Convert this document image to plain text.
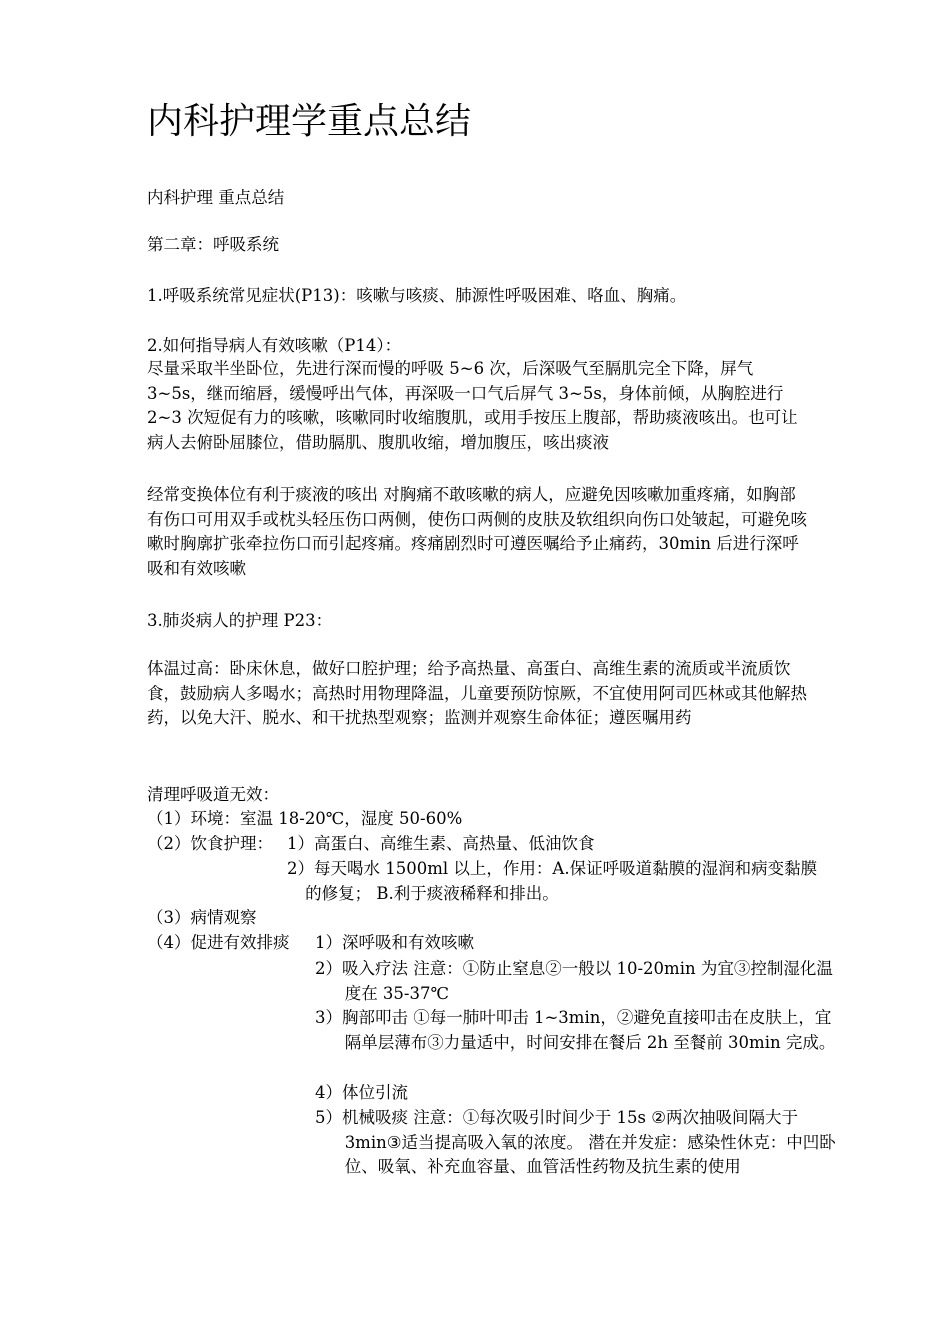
内科护理学重点总结
内科护理 重点总结
第二章：呼吸系统
1.呼吸系统常见症状(P13)：咳嗽与咳痰、肺源性呼吸困难、咯血、胸痛。
2.如何指导病人有效咳嗽（P14）：

尽量采取半坐卧位，先进行深而慢的呼吸 5~6 次，后深吸气至膈肌完全下降，屏气 3~5s，继而缩唇，缓慢呼出气体，再深吸一口气后屏气 3~5s，身体前倾，从胸腔进行 2~3 次短促有力的咳嗽，咳嗽同时收缩腹肌，或用手按压上腹部，帮助痰液咳出。也可让病人去俯卧屈膝位，借助膈肌、腹肌收缩，增加腹压，咳出痰液

经常变换体位有利于痰液的咳出 对胸痛不敢咳嗽的病人，应避免因咳嗽加重疼痛，如胸部有伤口可用双手或枕头轻压伤口两侧，使伤口两侧的皮肤及软组织向伤口处皱起，可避免咳嗽时胸廓扩张牵拉伤口而引起疼痛。疼痛剧烈时可遵医嘱给予止痛药，30min 后进行深呼吸和有效咳嗽

3.肺炎病人的护理 P23：

体温过高：卧床休息，做好口腔护理；给予高热量、高蛋白、高维生素的流质或半流质饮食，鼓励病人多喝水；高热时用物理降温，儿童要预防惊厥，不宜使用阿司匹林或其他解热药，以免大汗、脱水、和干扰热型观察；监测并观察生命体征；遵医嘱用药

清理呼吸道无效：
（1）环境：室温 18-20℃，湿度 50-60%
（2）饮食护理： 1）高蛋白、高维生素、高热量、低油饮食

2）每天喝水 1500ml 以上，作用：A.保证呼吸道黏膜的湿润和病变黏膜的修复； B.利于痰液稀释和排出。

（3）病情观察
（4）促进有效排痰 1）深呼吸和有效咳嗽

2）吸入疗法 注意：①防止窒息②一般以 10-20min 为宜③控制湿化温度在 35-37℃

3）胸部叩击 ①每一肺叶叩击 1~3min，②避免直接叩击在皮肤上，宜隔单层薄布③力量适中，时间安排在餐后 2h 至餐前 30min 完成。

4）体位引流

5）机械吸痰 注意：①每次吸引时间少于 15s ②两次抽吸间隔大于 3min③适当提高吸入氧的浓度。 潜在并发症：感染性休克：中凹卧位、吸氧、补充血容量、血管活性药物及抗生素的使用
